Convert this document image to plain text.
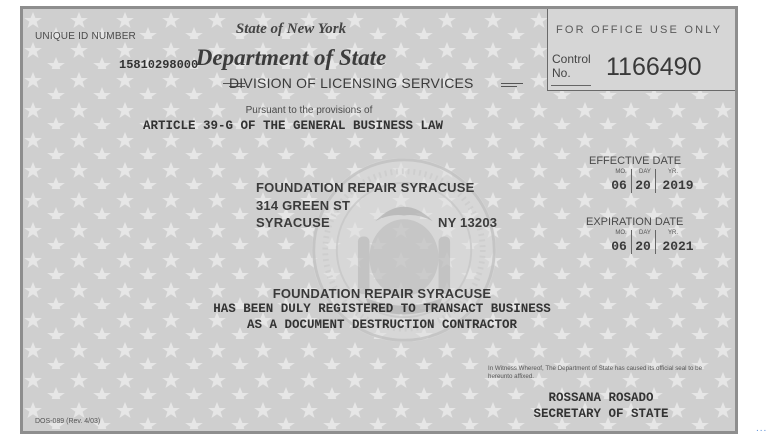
UNIQUE ID NUMBER
15810298000
State of New York
Department of State
DIVISION OF LICENSING SERVICES
FOR OFFICE USE ONLY
Control No.	1166490
Pursuant to the provisions of
ARTICLE 39-G OF THE GENERAL BUSINESS LAW
EFFECTIVE DATE
MO.	DAY	YR.
06 20 2019
EXPIRATION DATE
MO.	DAY	YR.
06 20 2021
FOUNDATION REPAIR SYRACUSE
314 GREEN ST
SYRACUSE	NY 13203
FOUNDATION REPAIR SYRACUSE
HAS BEEN DULY REGISTERED TO TRANSACT BUSINESS
AS A DOCUMENT DESTRUCTION CONTRACTOR
In Witness Whereof, The Department of State has caused its official seal to be hereunto affixed.
ROSSANA ROSADO
SECRETARY OF STATE
DOS-089 (Rev. 4/03)
...
